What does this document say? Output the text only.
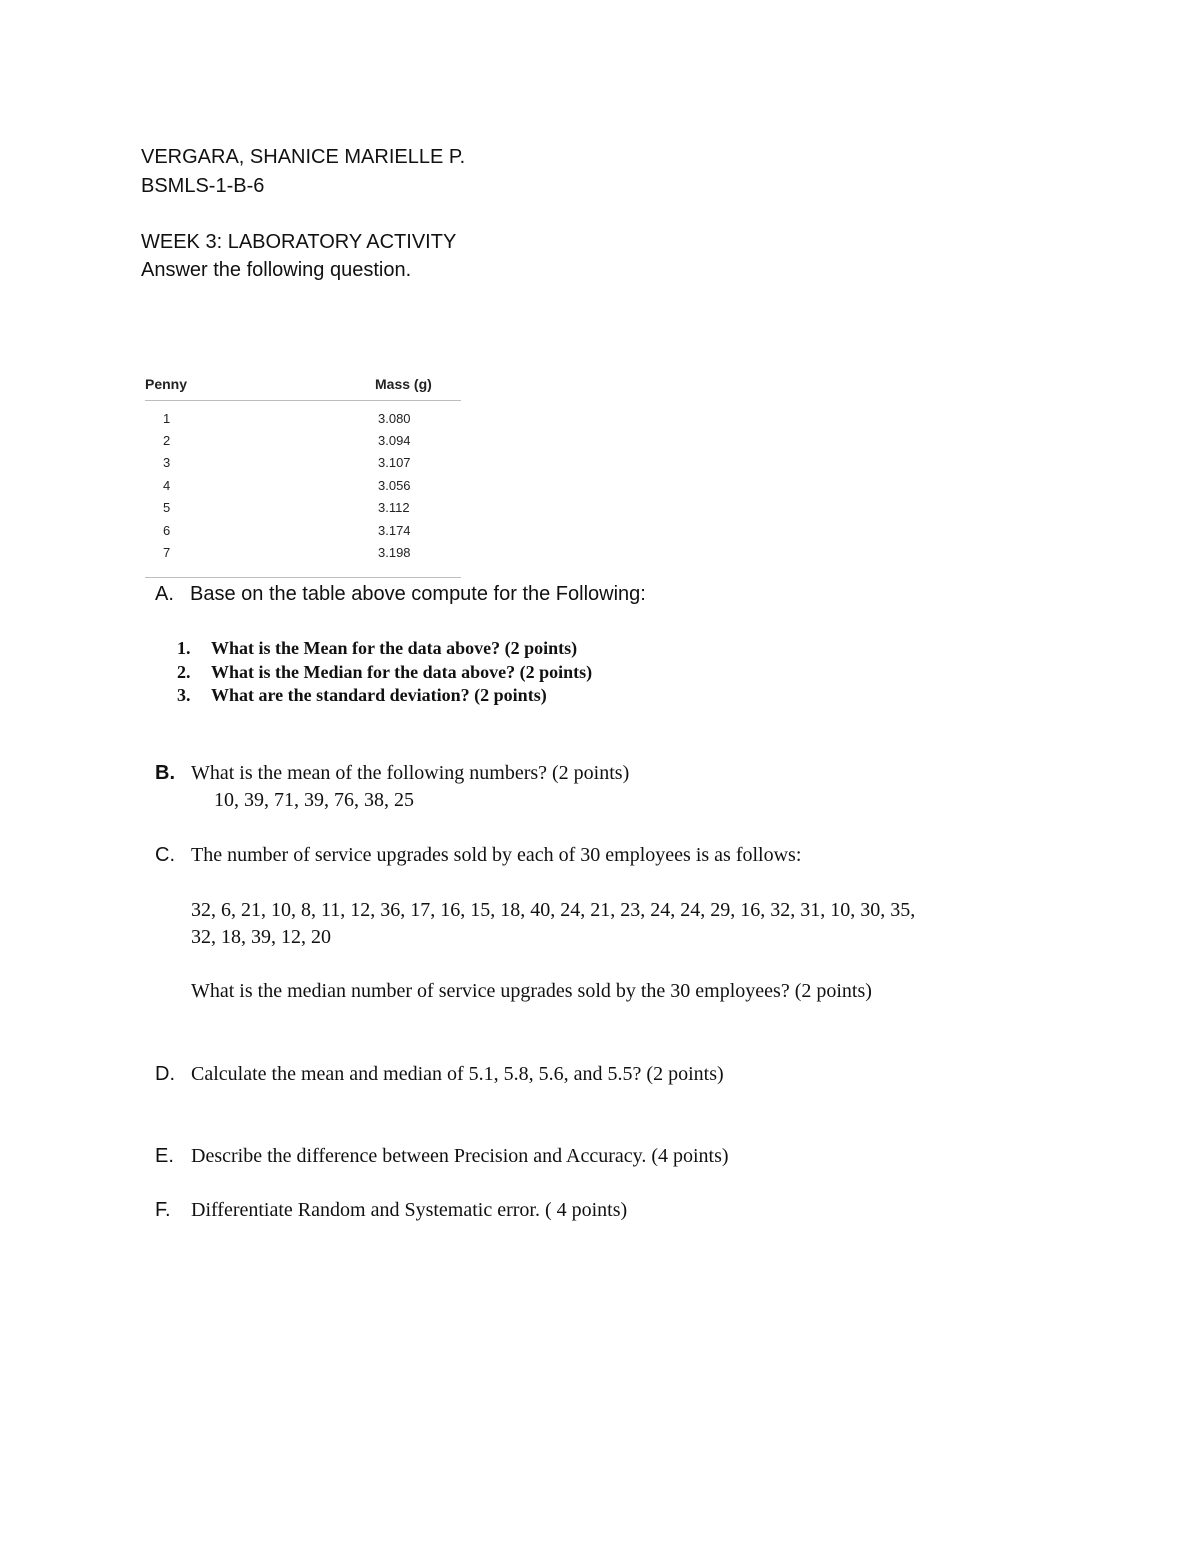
VERGARA, SHANICE MARIELLE P.
BSMLS-1-B-6
WEEK 3: LABORATORY ACTIVITY
Answer the following question.
Penny	Mass (g)
1	3.080
2	3.094
3	3.107
4	3.056
5	3.112
6	3.174
7	3.198
A. Base on the table above compute for the Following:
1. What is the Mean for the data above? (2 points)
2. What is the Median for the data above? (2 points)
3. What are the standard deviation? (2 points)
B. What is the mean of the following numbers? (2 points)
10, 39, 71, 39, 76, 38, 25
C. The number of service upgrades sold by each of 30 employees is as follows:
32, 6, 21, 10, 8, 11, 12, 36, 17, 16, 15, 18, 40, 24, 21, 23, 24, 24, 29, 16, 32, 31, 10, 30, 35,
32, 18, 39, 12, 20
What is the median number of service upgrades sold by the 30 employees? (2 points)
D. Calculate the mean and median of 5.1, 5.8, 5.6, and 5.5? (2 points)
E. Describe the difference between Precision and Accuracy. (4 points)
F. Differentiate Random and Systematic error. ( 4 points)
